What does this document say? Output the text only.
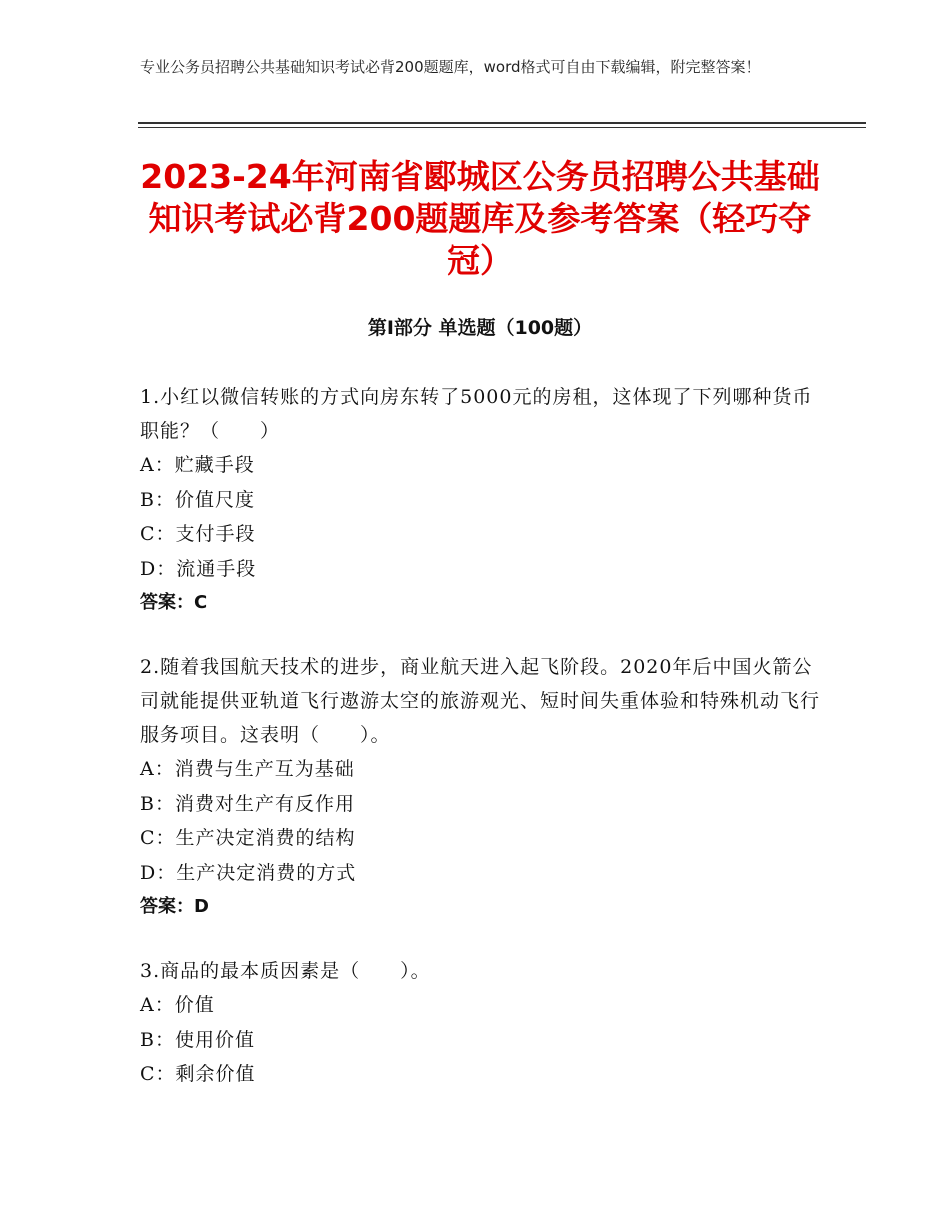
专业公务员招聘公共基础知识考试必背200题题库，word格式可自由下载编辑，附完整答案！
2023-24年河南省郾城区公务员招聘公共基础知识考试必背200题题库及参考答案（轻巧夺冠）
第Ⅰ部分 单选题（100题）
1.小红以微信转账的方式向房东转了5000元的房租，这体现了下列哪种货币职能？（　　）
A：贮藏手段
B：价值尺度
C：支付手段
D：流通手段
答案：C
2.随着我国航天技术的进步，商业航天进入起飞阶段。2020年后中国火箭公司就能提供亚轨道飞行遨游太空的旅游观光、短时间失重体验和特殊机动飞行服务项目。这表明（　　）。
A：消费与生产互为基础
B：消费对生产有反作用
C：生产决定消费的结构
D：生产决定消费的方式
答案：D
3.商品的最本质因素是（　　）。
A：价值
B：使用价值
C：剩余价值
